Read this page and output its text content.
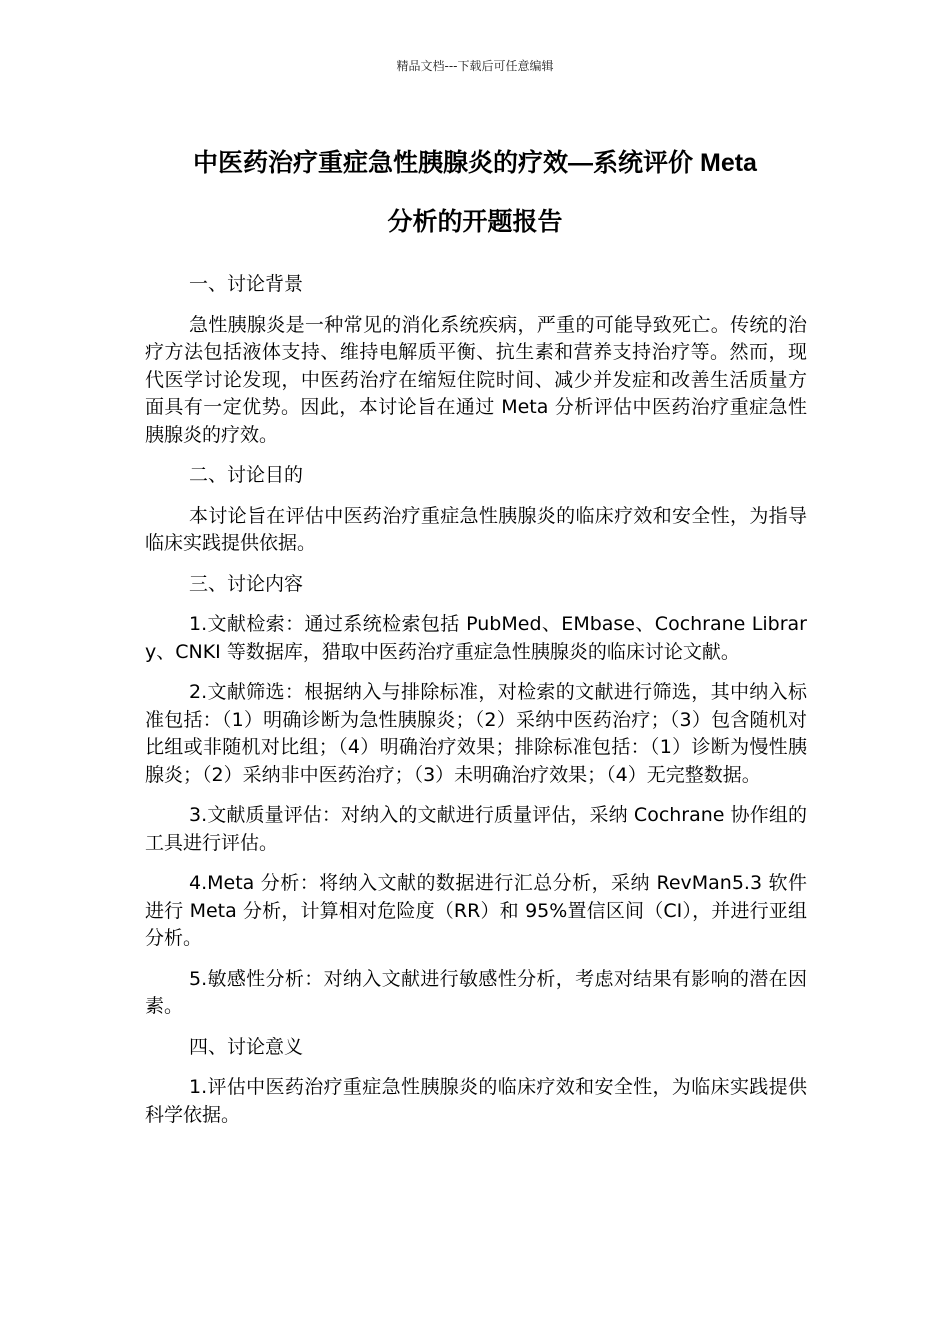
精品文档---下载后可任意编辑
中医药治疗重症急性胰腺炎的疗效—系统评价 Meta
分析的开题报告

一、讨论背景

急性胰腺炎是一种常见的消化系统疾病，严重的可能导致死亡。传统的治疗方法包括液体支持、维持电解质平衡、抗生素和营养支持治疗等。然而，现代医学讨论发现，中医药治疗在缩短住院时间、减少并发症和改善生活质量方面具有一定优势。因此，本讨论旨在通过 Meta 分析评估中医药治疗重症急性胰腺炎的疗效。

二、讨论目的

本讨论旨在评估中医药治疗重症急性胰腺炎的临床疗效和安全性，为指导临床实践提供依据。

三、讨论内容

1.文献检索：通过系统检索包括 PubMed、EMbase、Cochrane Library、CNKI 等数据库，猎取中医药治疗重症急性胰腺炎的临床讨论文献。

2.文献筛选：根据纳入与排除标准，对检索的文献进行筛选，其中纳入标准包括：（1）明确诊断为急性胰腺炎；（2）采纳中医药治疗；（3）包含随机对比组或非随机对比组；（4）明确治疗效果；排除标准包括：（1）诊断为慢性胰腺炎；（2）采纳非中医药治疗；（3）未明确治疗效果；（4）无完整数据。

3.文献质量评估：对纳入的文献进行质量评估，采纳 Cochrane 协作组的工具进行评估。

4.Meta 分析：将纳入文献的数据进行汇总分析，采纳 RevMan5.3 软件进行 Meta 分析，计算相对危险度（RR）和 95%置信区间（CI），并进行亚组分析。

5.敏感性分析：对纳入文献进行敏感性分析，考虑对结果有影响的潜在因素。

四、讨论意义

1.评估中医药治疗重症急性胰腺炎的临床疗效和安全性，为临床实践提供科学依据。
